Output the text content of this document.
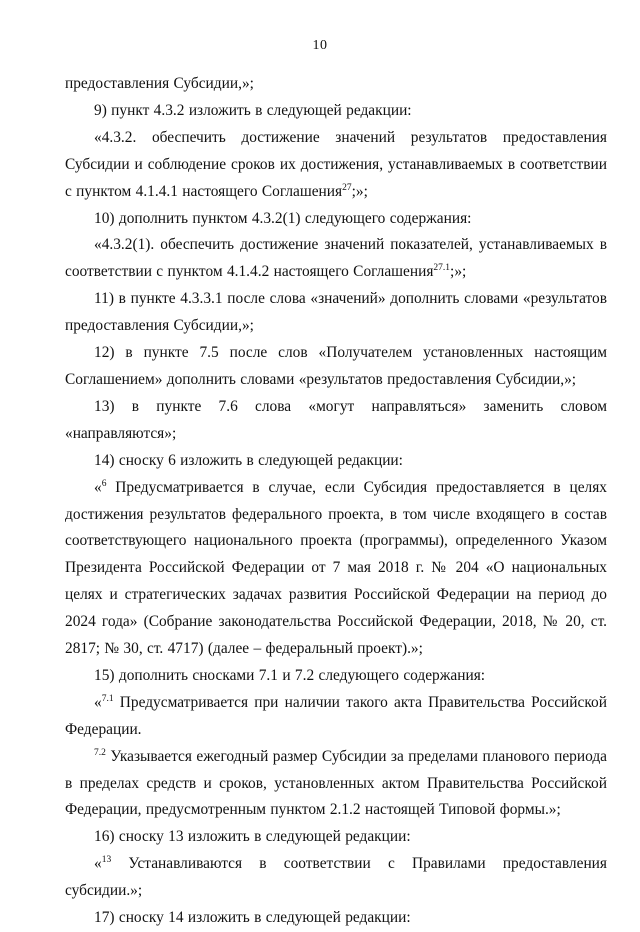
10

предоставления Субсидии,»;

9) пункт 4.3.2 изложить в следующей редакции:

«4.3.2. обеспечить достижение значений результатов предоставления Субсидии и соблюдение сроков их достижения, устанавливаемых в соответствии с пунктом 4.1.4.1 настоящего Соглашения$^{27}$;»;

10) дополнить пунктом 4.3.2(1) следующего содержания:

«4.3.2(1). обеспечить достижение значений показателей, устанавливаемых в соответствии с пунктом 4.1.4.2 настоящего Соглашения$^{27.1}$;»;

11) в пункте 4.3.3.1 после слова «значений» дополнить словами «результатов предоставления Субсидии,»;

12) в пункте 7.5 после слов «Получателем установленных настоящим Соглашением» дополнить словами «результатов предоставления Субсидии,»;

13) в пункте 7.6 слова «могут направляться» заменить словом «направляются»;

14) сноску 6 изложить в следующей редакции:

«$^6$ Предусматривается в случае, если Субсидия предоставляется в целях достижения результатов федерального проекта, в том числе входящего в состав соответствующего национального проекта (программы), определенного Указом Президента Российской Федерации от 7 мая 2018 г. № 204 «О национальных целях и стратегических задачах развития Российской Федерации на период до 2024 года» (Собрание законодательства Российской Федерации, 2018, № 20, ст. 2817; № 30, ст. 4717) (далее – федеральный проект).»;

15) дополнить сносками 7.1 и 7.2 следующего содержания:

«$^{7.1}$ Предусматривается при наличии такого акта Правительства Российской Федерации.

$^{7.2}$ Указывается ежегодный размер Субсидии за пределами планового периода в пределах средств и сроков, установленных актом Правительства Российской Федерации, предусмотренным пунктом 2.1.2 настоящей Типовой формы.»;

16) сноску 13 изложить в следующей редакции:

«$^{13}$ Устанавливаются в соответствии с Правилами предоставления субсидии.»;

17) сноску 14 изложить в следующей редакции:
